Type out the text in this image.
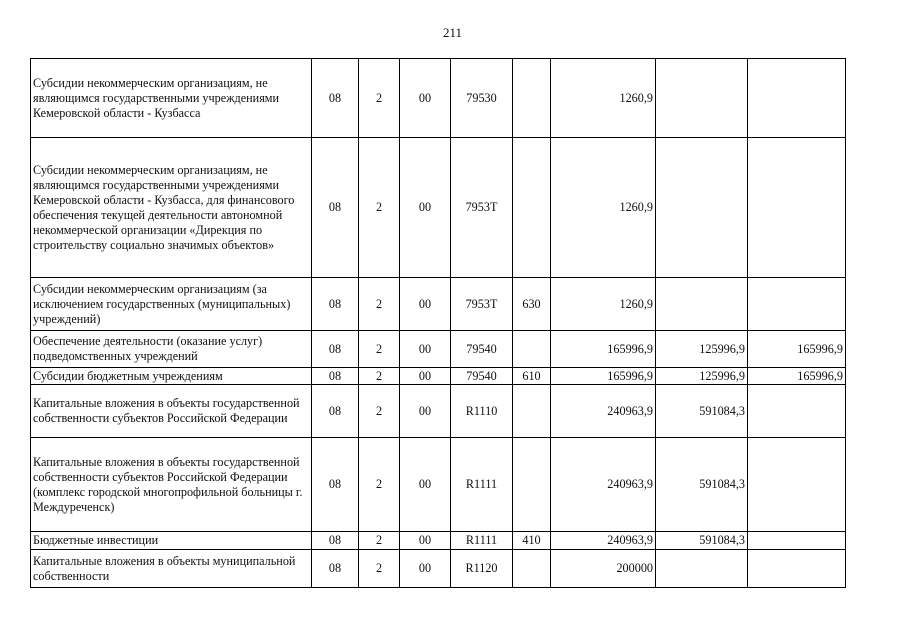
211
Субсидии некоммерческим организациям, не являющимся государственными учреждениями Кемеровской области - Кузбасса	08	2	00	79530		1260,9		
Субсидии некоммерческим организациям, не являющимся государственными учреждениями Кемеровской области - Кузбасса, для финансового обеспечения текущей деятельности автономной некоммерческой организации «Дирекция по строительству социально значимых объектов»	08	2	00	7953Т		1260,9		
Субсидии некоммерческим организациям (за исключением государственных (муниципальных) учреждений)	08	2	00	7953Т	630	1260,9		
Обеспечение деятельности (оказание услуг) подведомственных учреждений	08	2	00	79540		165996,9	125996,9	165996,9
Субсидии бюджетным учреждениям	08	2	00	79540	610	165996,9	125996,9	165996,9
Капитальные вложения в объекты государственной собственности субъектов Российской Федерации	08	2	00	R1110		240963,9	591084,3	
Капитальные вложения в объекты государственной собственности субъектов Российской Федерации (комплекс городской многопрофильной больницы г. Междуреченск)	08	2	00	R1111		240963,9	591084,3	
Бюджетные инвестиции	08	2	00	R1111	410	240963,9	591084,3	
Капитальные вложения в объекты муниципальной собственности	08	2	00	R1120		200000		
